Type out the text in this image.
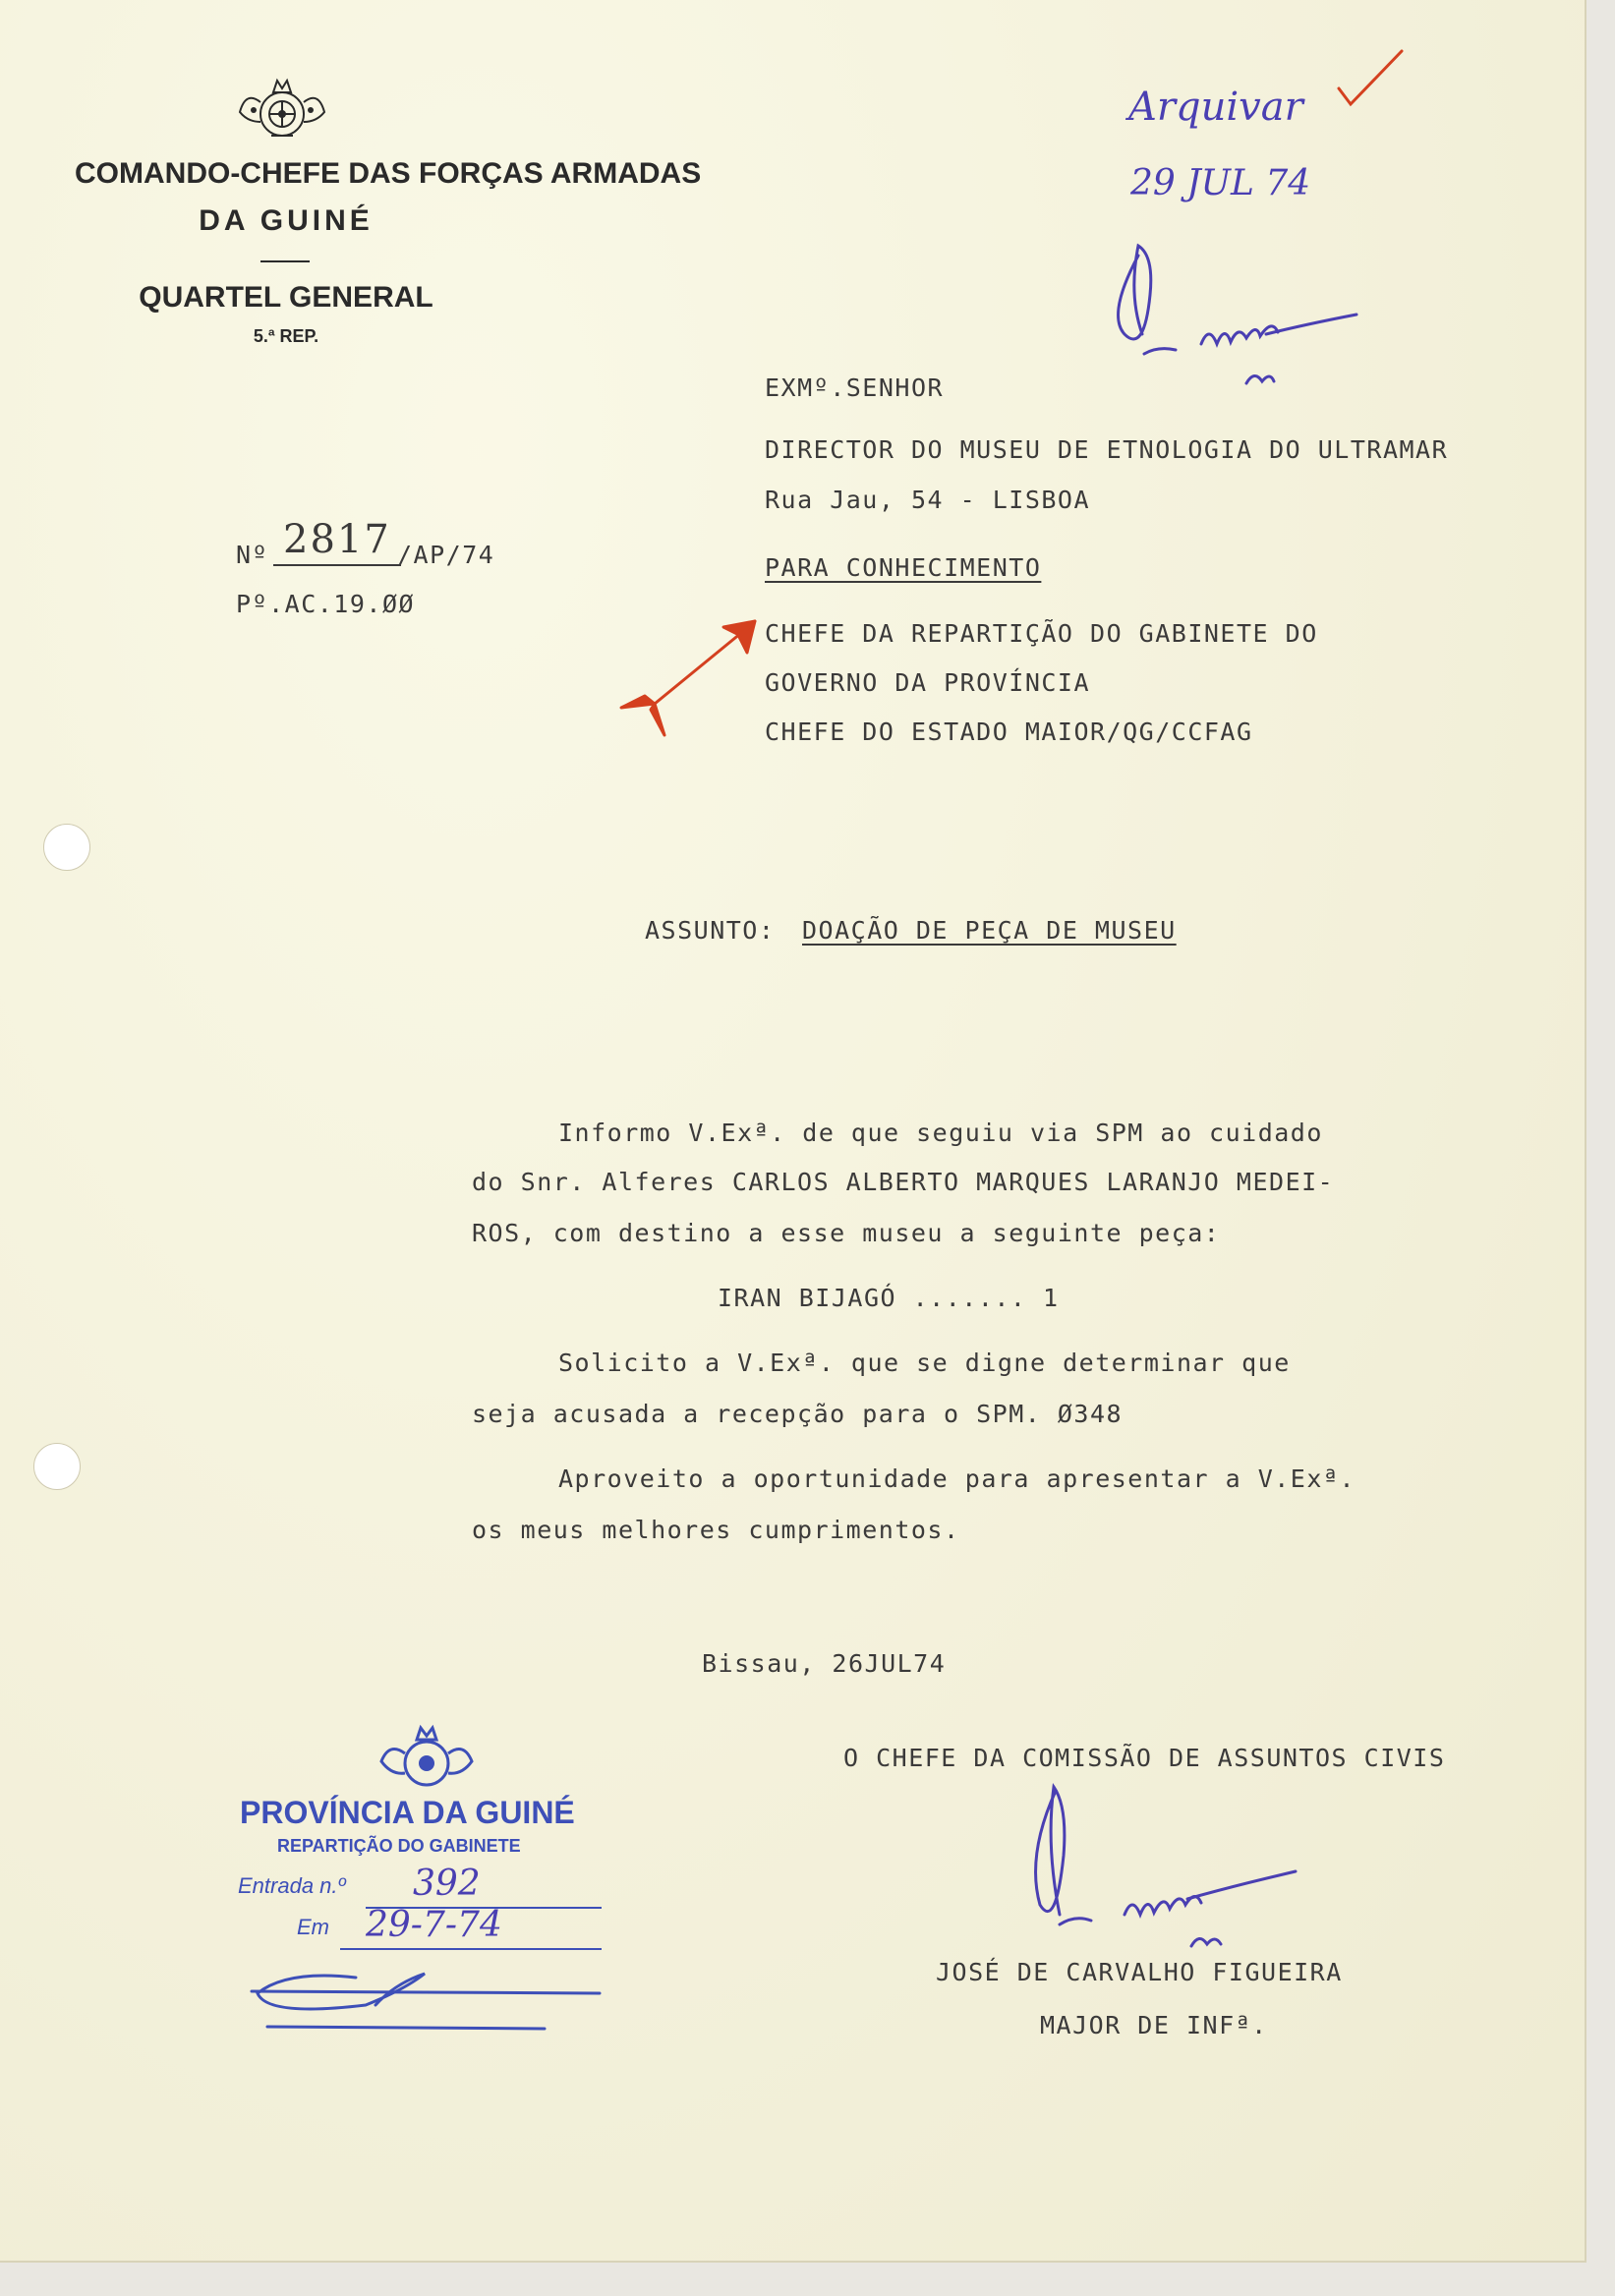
COMANDO-CHEFE DAS FORÇAS ARMADAS
DA GUINÉ
QUARTEL GENERAL
5.ª REP.
Nº 2817 /AP/74
Pº.AC.19.ØØ
Arquivar
29 JUL 74
EXMº.SENHOR
DIRECTOR DO MUSEU DE ETNOLOGIA DO ULTRAMAR
Rua Jau, 54 - LISBOA
PARA CONHECIMENTO
CHEFE DA REPARTIÇÃO DO GABINETE DO
GOVERNO DA PROVÍNCIA
CHEFE DO ESTADO MAIOR/QG/CCFAG
ASSUNTO: DOAÇÃO DE PEÇA DE MUSEU
Informo V.Exª. de que seguiu via SPM ao cuidado
do Snr. Alferes CARLOS ALBERTO MARQUES LARANJO MEDEI-
ROS, com destino a esse museu a seguinte peça:
IRAN BIJAGÓ ....... 1
Solicito a V.Exª. que se digne determinar que
seja acusada a recepção para o SPM. Ø348
Aproveito a oportunidade para apresentar a V.Exª.
os meus melhores cumprimentos.
Bissau, 26JUL74
O CHEFE DA COMISSÃO DE ASSUNTOS CIVIS
JOSÉ DE CARVALHO FIGUEIRA
MAJOR DE INFª.
PROVÍNCIA DA GUINÉ
REPARTIÇÃO DO GABINETE
Entrada n.º 392
Em 29-7-74
